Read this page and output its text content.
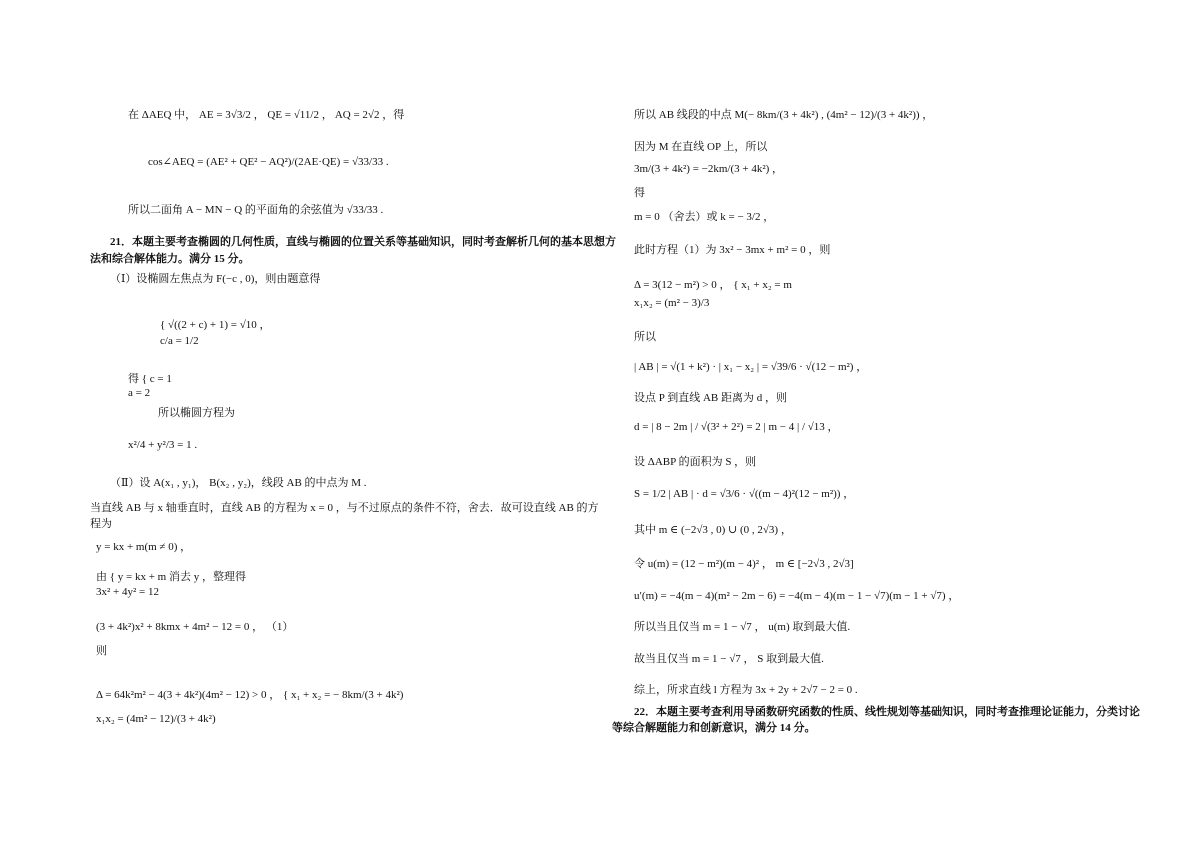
在 ΔAEQ 中， AE = 3√3/2 ， QE = √11/2 ， AQ = 2√2 ，得
cos∠AEQ = (AE² + QE² − AQ²)/(2AE·QE) = √33/33 .
所以二面角 A − MN − Q 的平面角的余弦值为 √33/33 .
21．本题主要考查椭圆的几何性质，直线与椭圆的位置关系等基础知识，同时考查解析几何的基本思想方
法和综合解体能力。满分 15 分。
（Ⅰ）设椭圆左焦点为 F(−c , 0)，则由题意得
{ √((2 + c) + 1) = √10 ，
c/a = 1/2
得 { c = 1
a = 2
所以椭圆方程为
x²/4 + y²/3 = 1 .
（Ⅱ）设 A(x₁ , y₁)， B(x₂ , y₂)，线段 AB 的中点为 M .
当直线 AB 与 x 轴垂直时，直线 AB 的方程为 x = 0 ，与不过原点的条件不符，舍去．故可设直线 AB 的方
程为
y = kx + m(m ≠ 0) ，
由 { y = kx + m 消去 y ，整理得
3x² + 4y² = 12
(3 + 4k²)x² + 8kmx + 4m² − 12 = 0 ， （1）
则
Δ = 64k²m² − 4(3 + 4k²)(4m² − 12) > 0 ， { x₁ + x₂ = − 8km/(3 + 4k²)
x₁x₂ = (4m² − 12)/(3 + 4k²)
所以 AB 线段的中点 M(− 8km/(3 + 4k²) , (4m² − 12)/(3 + 4k²)) ，
因为 M 在直线 OP 上，所以
3m/(3 + 4k²) = −2km/(3 + 4k²) ，
得
m = 0 （舍去）或 k = − 3/2 ，
此时方程（1）为 3x² − 3mx + m² = 0 ，则
Δ = 3(12 − m²) > 0 ， { x₁ + x₂ = m
x₁x₂ = (m² − 3)/3
所以
| AB | = √(1 + k²) · | x₁ − x₂ | = √39/6 · √(12 − m²) ，
设点 P 到直线 AB 距离为 d ，则
d = | 8 − 2m | / √(3² + 2²) = 2 | m − 4 | / √13 ，
设 ΔABP 的面积为 S ，则
S = 1/2 | AB | · d = √3/6 · √((m − 4)²(12 − m²)) ，
其中 m ∈ (−2√3 , 0) ∪ (0 , 2√3) ，
令 u(m) = (12 − m²)(m − 4)² ， m ∈ [−2√3 , 2√3]
u′(m) = −4(m − 4)(m² − 2m − 6) = −4(m − 4)(m − 1 − √7)(m − 1 + √7) ，
所以当且仅当 m = 1 − √7 ， u(m) 取到最大值.
故当且仅当 m = 1 − √7 ， S 取到最大值.
综上，所求直线 l 方程为 3x + 2y + 2√7 − 2 = 0 .
22．本题主要考查利用导函数研究函数的性质、线性规划等基础知识，同时考查推理论证能力，分类讨论
等综合解题能力和创新意识，满分 14 分。
